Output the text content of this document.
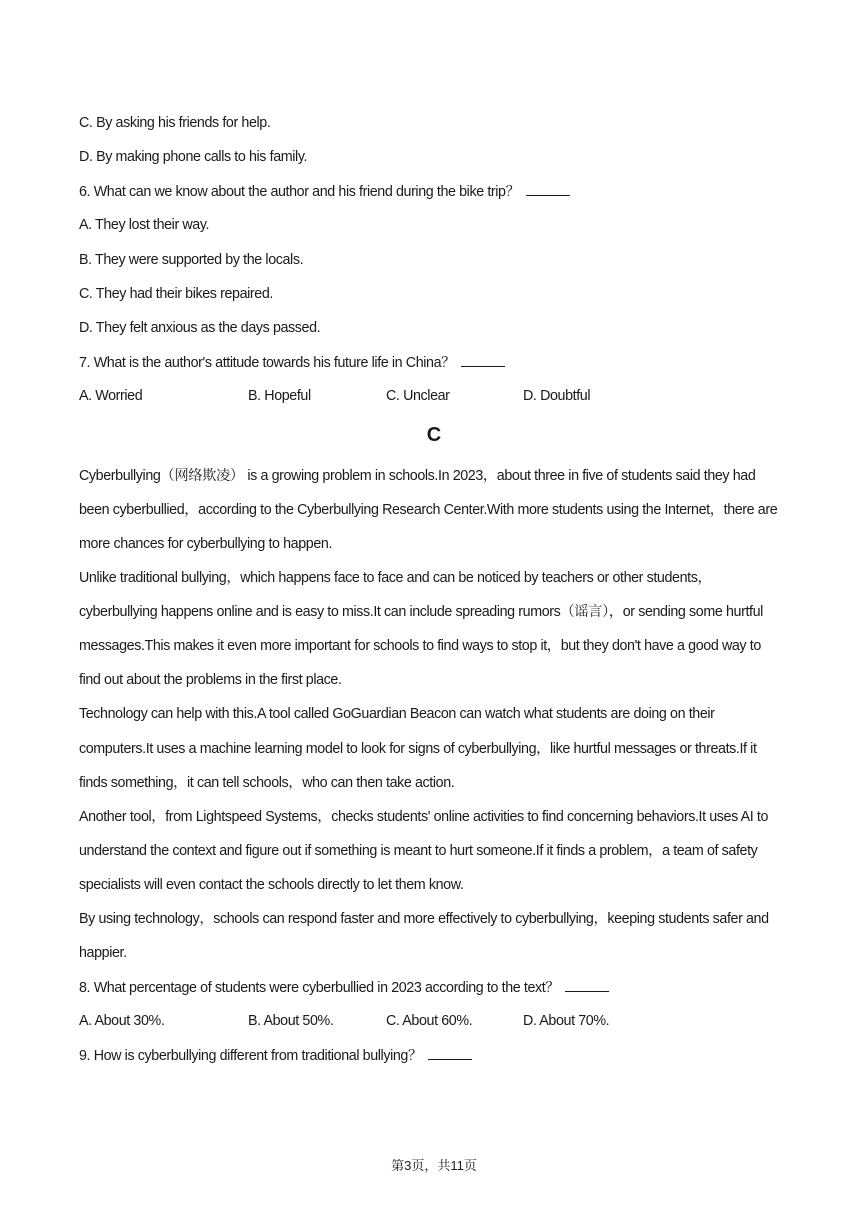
C. By asking his friends for help.
D. By making phone calls to his family.
6. What can we know about the author and his friend during the bike trip？
A. They lost their way.
B. They were supported by the locals.
C. They had their bikes repaired.
D. They felt anxious as the days passed.
7. What is the author's attitude towards his future life in China？
A. Worried	B. Hopeful	C. Unclear	D. Doubtful
C
Cyberbullying（网络欺凌） is a growing problem in schools.In 2023，about three in five of students said they had
been cyberbullied，according to the Cyberbullying Research Center.With more students using the Internet，there are
more chances for cyberbullying to happen.
Unlike traditional bullying，which happens face to face and can be noticed by teachers or other students，
cyberbullying happens online and is easy to miss.It can include spreading rumors（谣言），or sending some hurtful
messages.This makes it even more important for schools to find ways to stop it，but they don't have a good way to
find out about the problems in the first place.
Technology can help with this.A tool called GoGuardian Beacon can watch what students are doing on their
computers.It uses a machine learning model to look for signs of cyberbullying，like hurtful messages or threats.If it
finds something，it can tell schools，who can then take action.
Another tool，from Lightspeed Systems，checks students' online activities to find concerning behaviors.It uses AI to
understand the context and figure out if something is meant to hurt someone.If it finds a problem，a team of safety
specialists will even contact the schools directly to let them know.
By using technology，schools can respond faster and more effectively to cyberbullying，keeping students safer and
happier.
8. What percentage of students were cyberbullied in 2023 according to the text？
A. About 30%.	B. About 50%.	C. About 60%.	D. About 70%.
9. How is cyberbullying different from traditional bullying？
第3页，共11页
